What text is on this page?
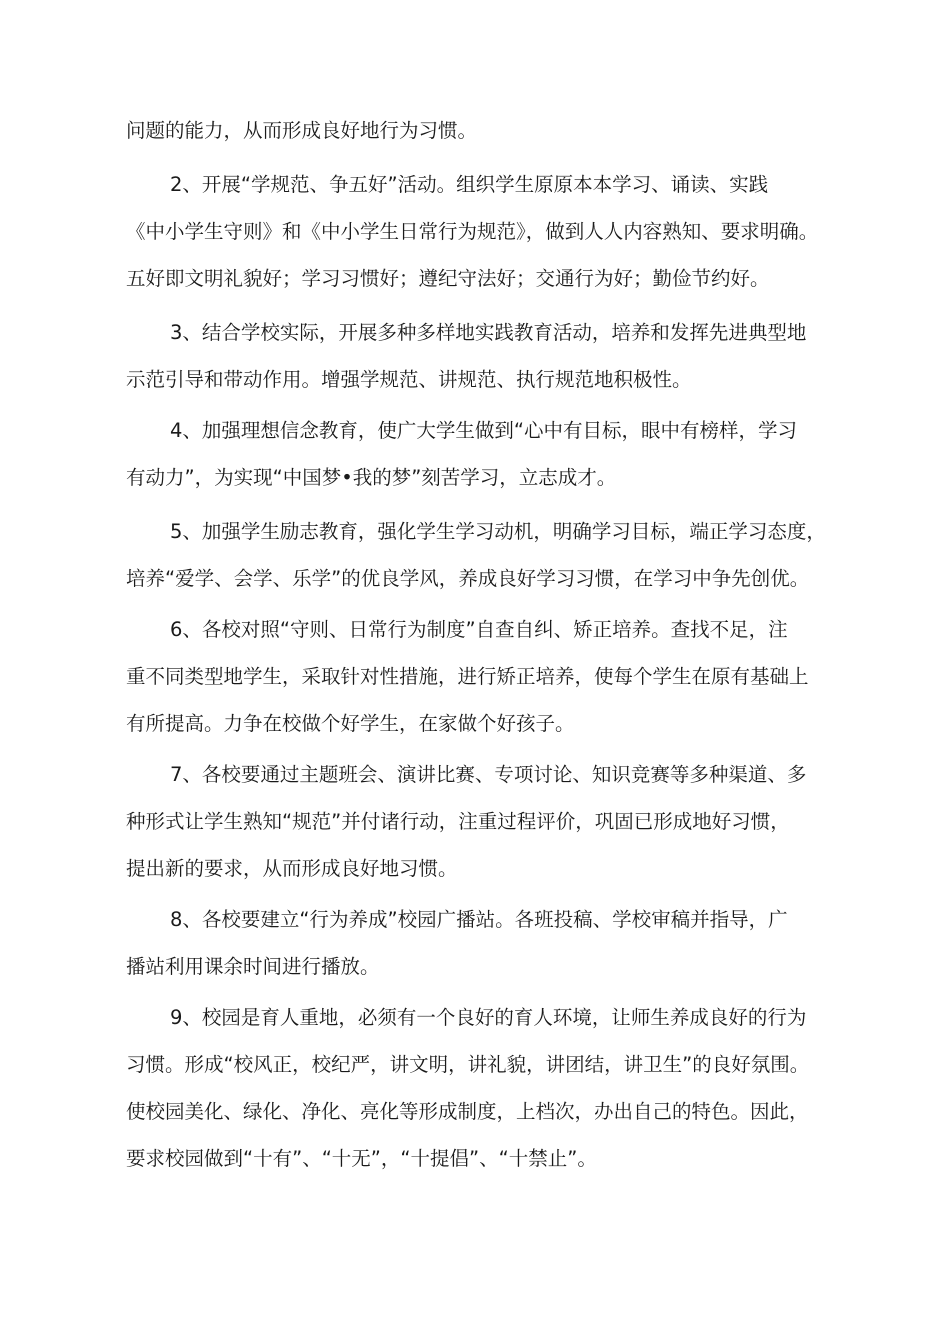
问题的能力，从而形成良好地行为习惯。
2、开展“学规范、争五好”活动。组织学生原原本本学习、诵读、实践
《中小学生守则》和《中小学生日常行为规范》，做到人人内容熟知、要求明确。
五好即文明礼貌好；学习习惯好；遵纪守法好；交通行为好；勤俭节约好。
3、结合学校实际，开展多种多样地实践教育活动，培养和发挥先进典型地
示范引导和带动作用。增强学规范、讲规范、执行规范地积极性。
4、加强理想信念教育，使广大学生做到“心中有目标，眼中有榜样，学习
有动力”，为实现“中国梦•我的梦”刻苦学习，立志成才。
5、加强学生励志教育，强化学生学习动机，明确学习目标，端正学习态度，
培养“爱学、会学、乐学”的优良学风，养成良好学习习惯，在学习中争先创优。
6、各校对照“守则、日常行为制度”自查自纠、矫正培养。查找不足，注
重不同类型地学生，采取针对性措施，进行矫正培养，使每个学生在原有基础上
有所提高。力争在校做个好学生，在家做个好孩子。
7、各校要通过主题班会、演讲比赛、专项讨论、知识竞赛等多种渠道、多
种形式让学生熟知“规范”并付诸行动，注重过程评价，巩固已形成地好习惯，
提出新的要求，从而形成良好地习惯。
8、各校要建立“行为养成”校园广播站。各班投稿、学校审稿并指导，广
播站利用课余时间进行播放。
9、校园是育人重地，必须有一个良好的育人环境，让师生养成良好的行为
习惯。形成“校风正，校纪严，讲文明，讲礼貌，讲团结，讲卫生”的良好氛围。
使校园美化、绿化、净化、亮化等形成制度，上档次，办出自己的特色。因此，
要求校园做到“十有”、“十无”，“十提倡”、“十禁止”。
